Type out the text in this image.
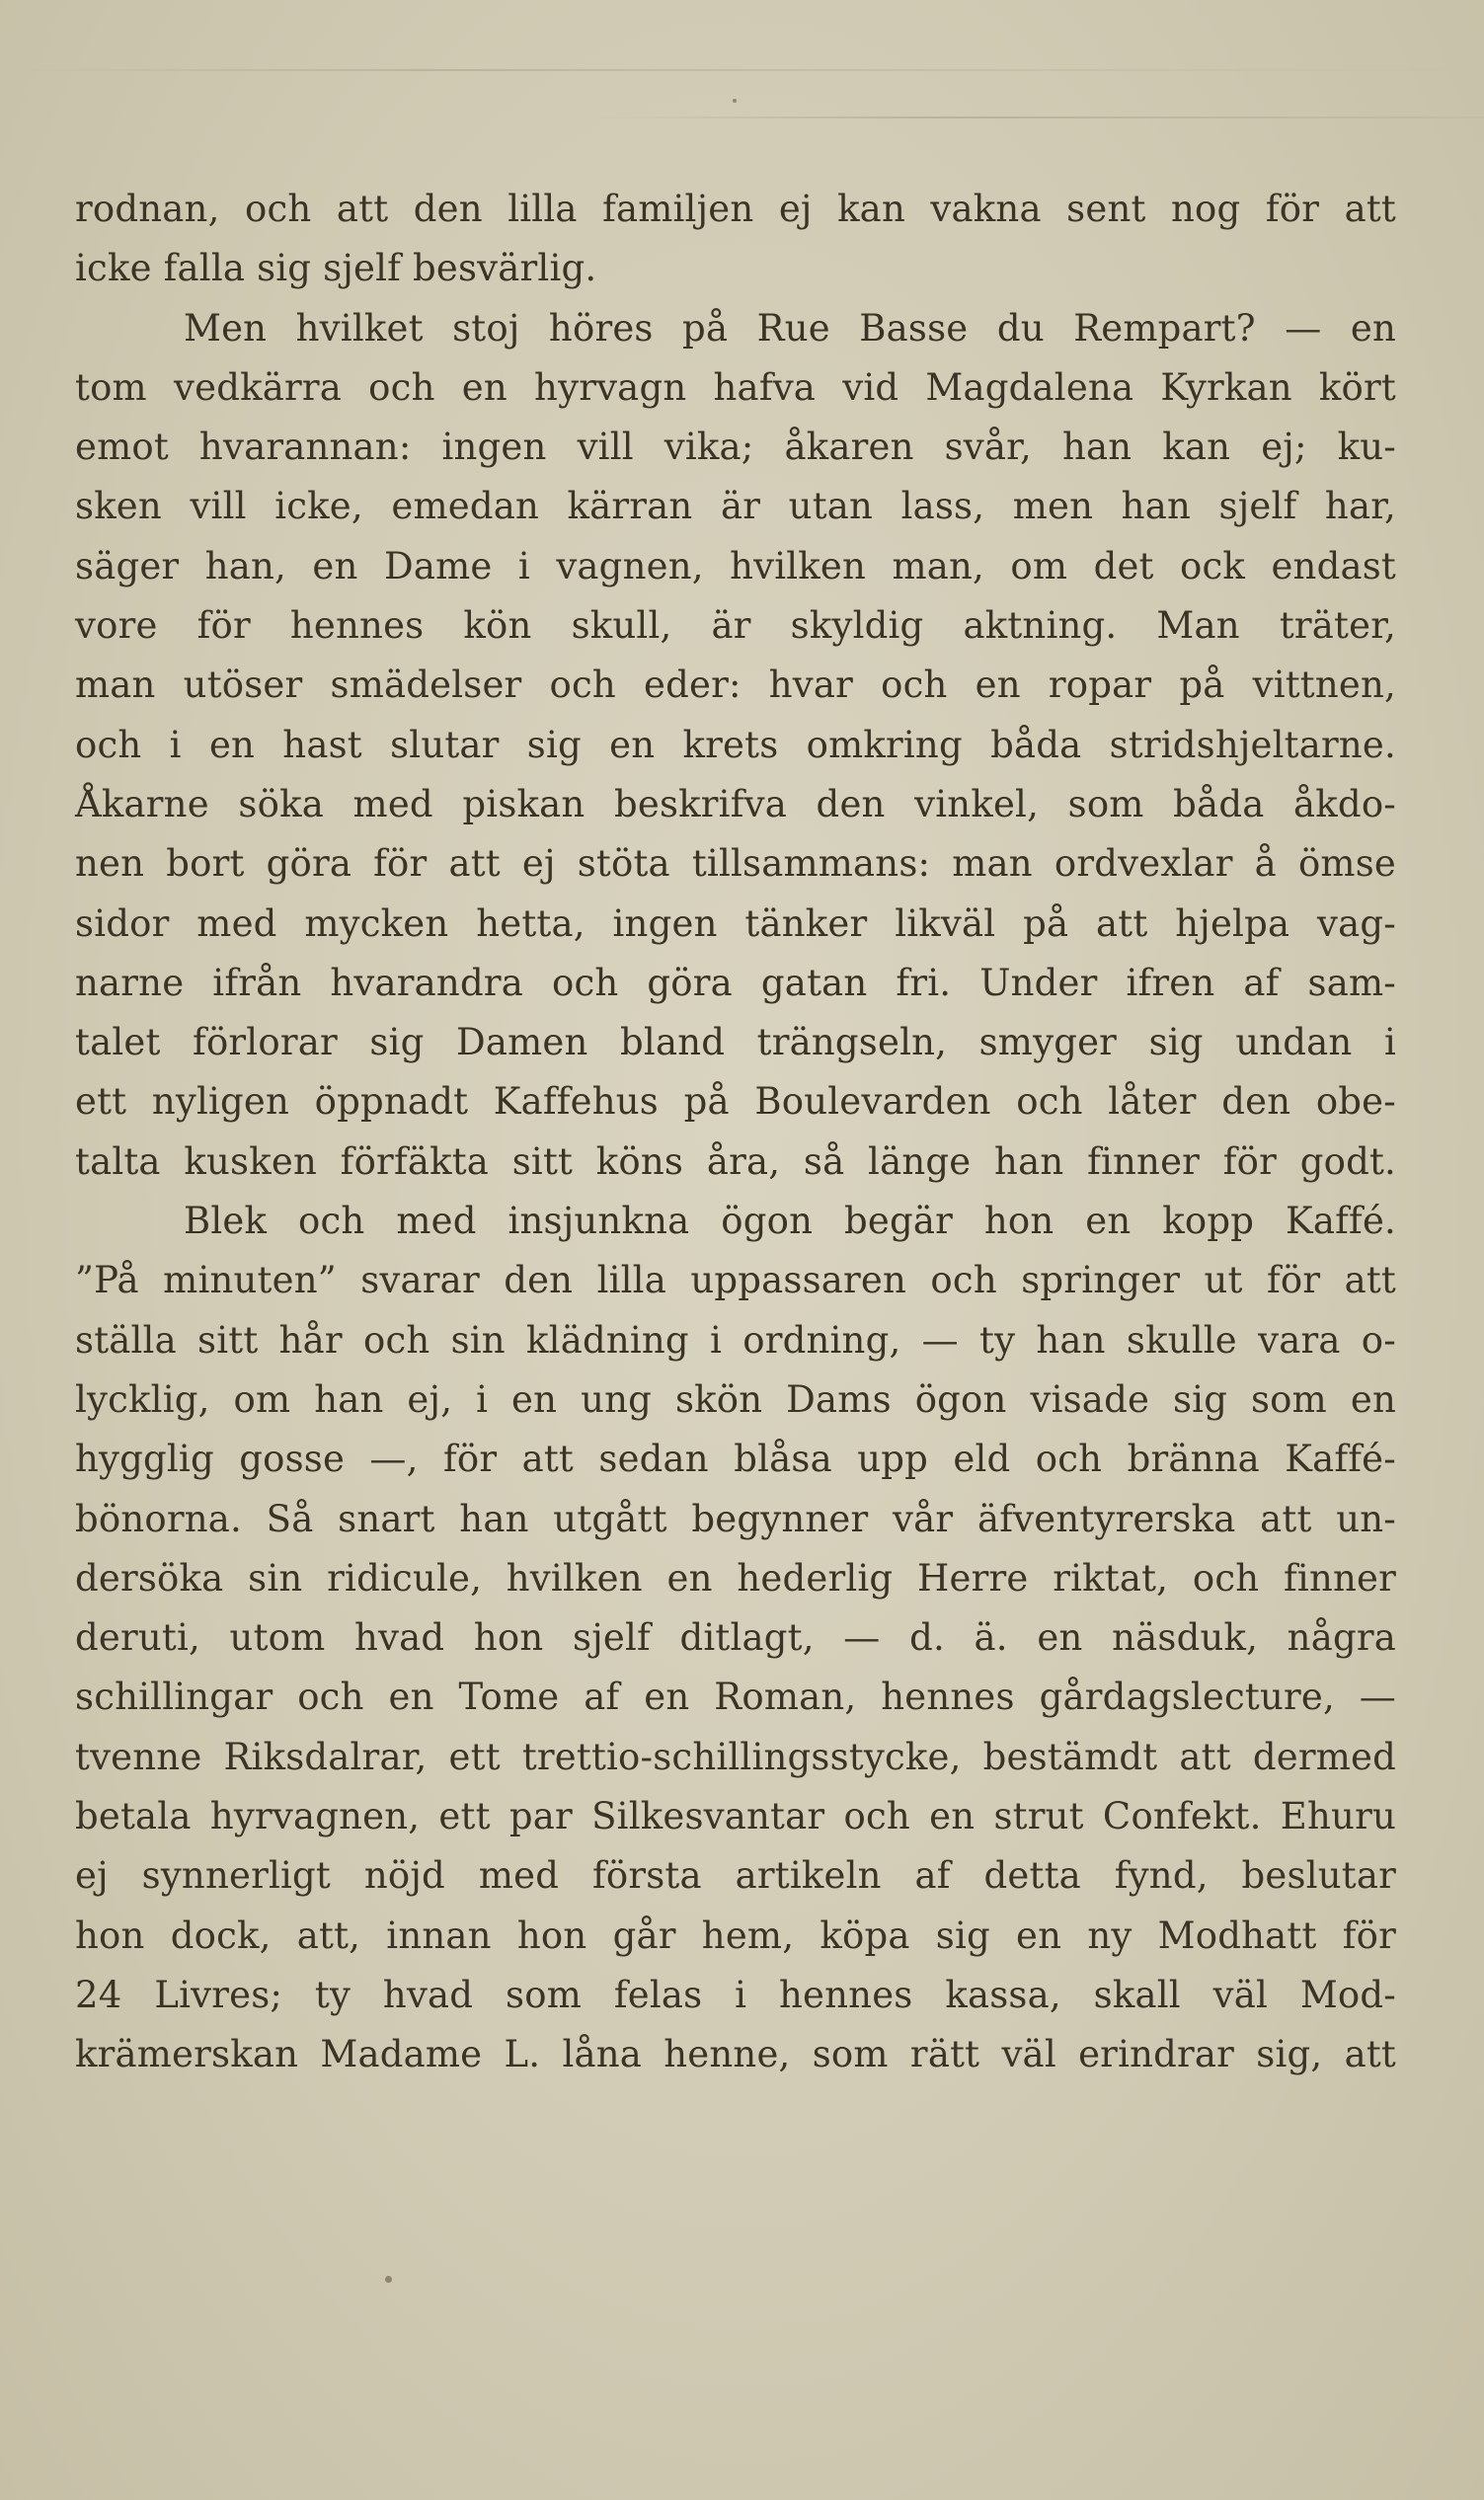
rodnan, och att den lilla familjen ej kan vakna sent nog för att
icke falla sig sjelf besvärlig.
Men hvilket stoj höres på Rue Basse du Rempart? — en
tom vedkärra och en hyrvagn hafva vid Magdalena Kyrkan kört
emot hvarannan: ingen vill vika; åkaren svår, han kan ej; ku-
sken vill icke, emedan kärran är utan lass, men han sjelf har,
säger han, en Dame i vagnen, hvilken man, om det ock endast
vore för hennes kön skull, är skyldig aktning. Man träter,
man utöser smädelser och eder: hvar och en ropar på vittnen,
och i en hast slutar sig en krets omkring båda stridshjeltarne.
Åkarne söka med piskan beskrifva den vinkel, som båda åkdo-
nen bort göra för att ej stöta tillsammans: man ordvexlar å ömse
sidor med mycken hetta, ingen tänker likväl på att hjelpa vag-
narne ifrån hvarandra och göra gatan fri. Under ifren af sam-
talet förlorar sig Damen bland trängseln, smyger sig undan i
ett nyligen öppnadt Kaffehus på Boulevarden och låter den obe-
talta kusken förfäkta sitt köns åra, så länge han finner för godt.
Blek och med insjunkna ögon begär hon en kopp Kaffé.
”På minuten” svarar den lilla uppassaren och springer ut för att
ställa sitt hår och sin klädning i ordning, — ty han skulle vara o-
lycklig, om han ej, i en ung skön Dams ögon visade sig som en
hygglig gosse —, för att sedan blåsa upp eld och bränna Kaffé-
bönorna. Så snart han utgått begynner vår äfventyrerska att un-
dersöka sin ridicule, hvilken en hederlig Herre riktat, och finner
deruti, utom hvad hon sjelf ditlagt, — d. ä. en näsduk, några
schillingar och en Tome af en Roman, hennes gårdagslecture, —
tvenne Riksdalrar, ett trettio-schillingsstycke, bestämdt att dermed
betala hyrvagnen, ett par Silkesvantar och en strut Confekt. Ehuru
ej synnerligt nöjd med första artikeln af detta fynd, beslutar
hon dock, att, innan hon går hem, köpa sig en ny Modhatt för
24 Livres; ty hvad som felas i hennes kassa, skall väl Mod-
krämerskan Madame L. låna henne, som rätt väl erindrar sig, att
